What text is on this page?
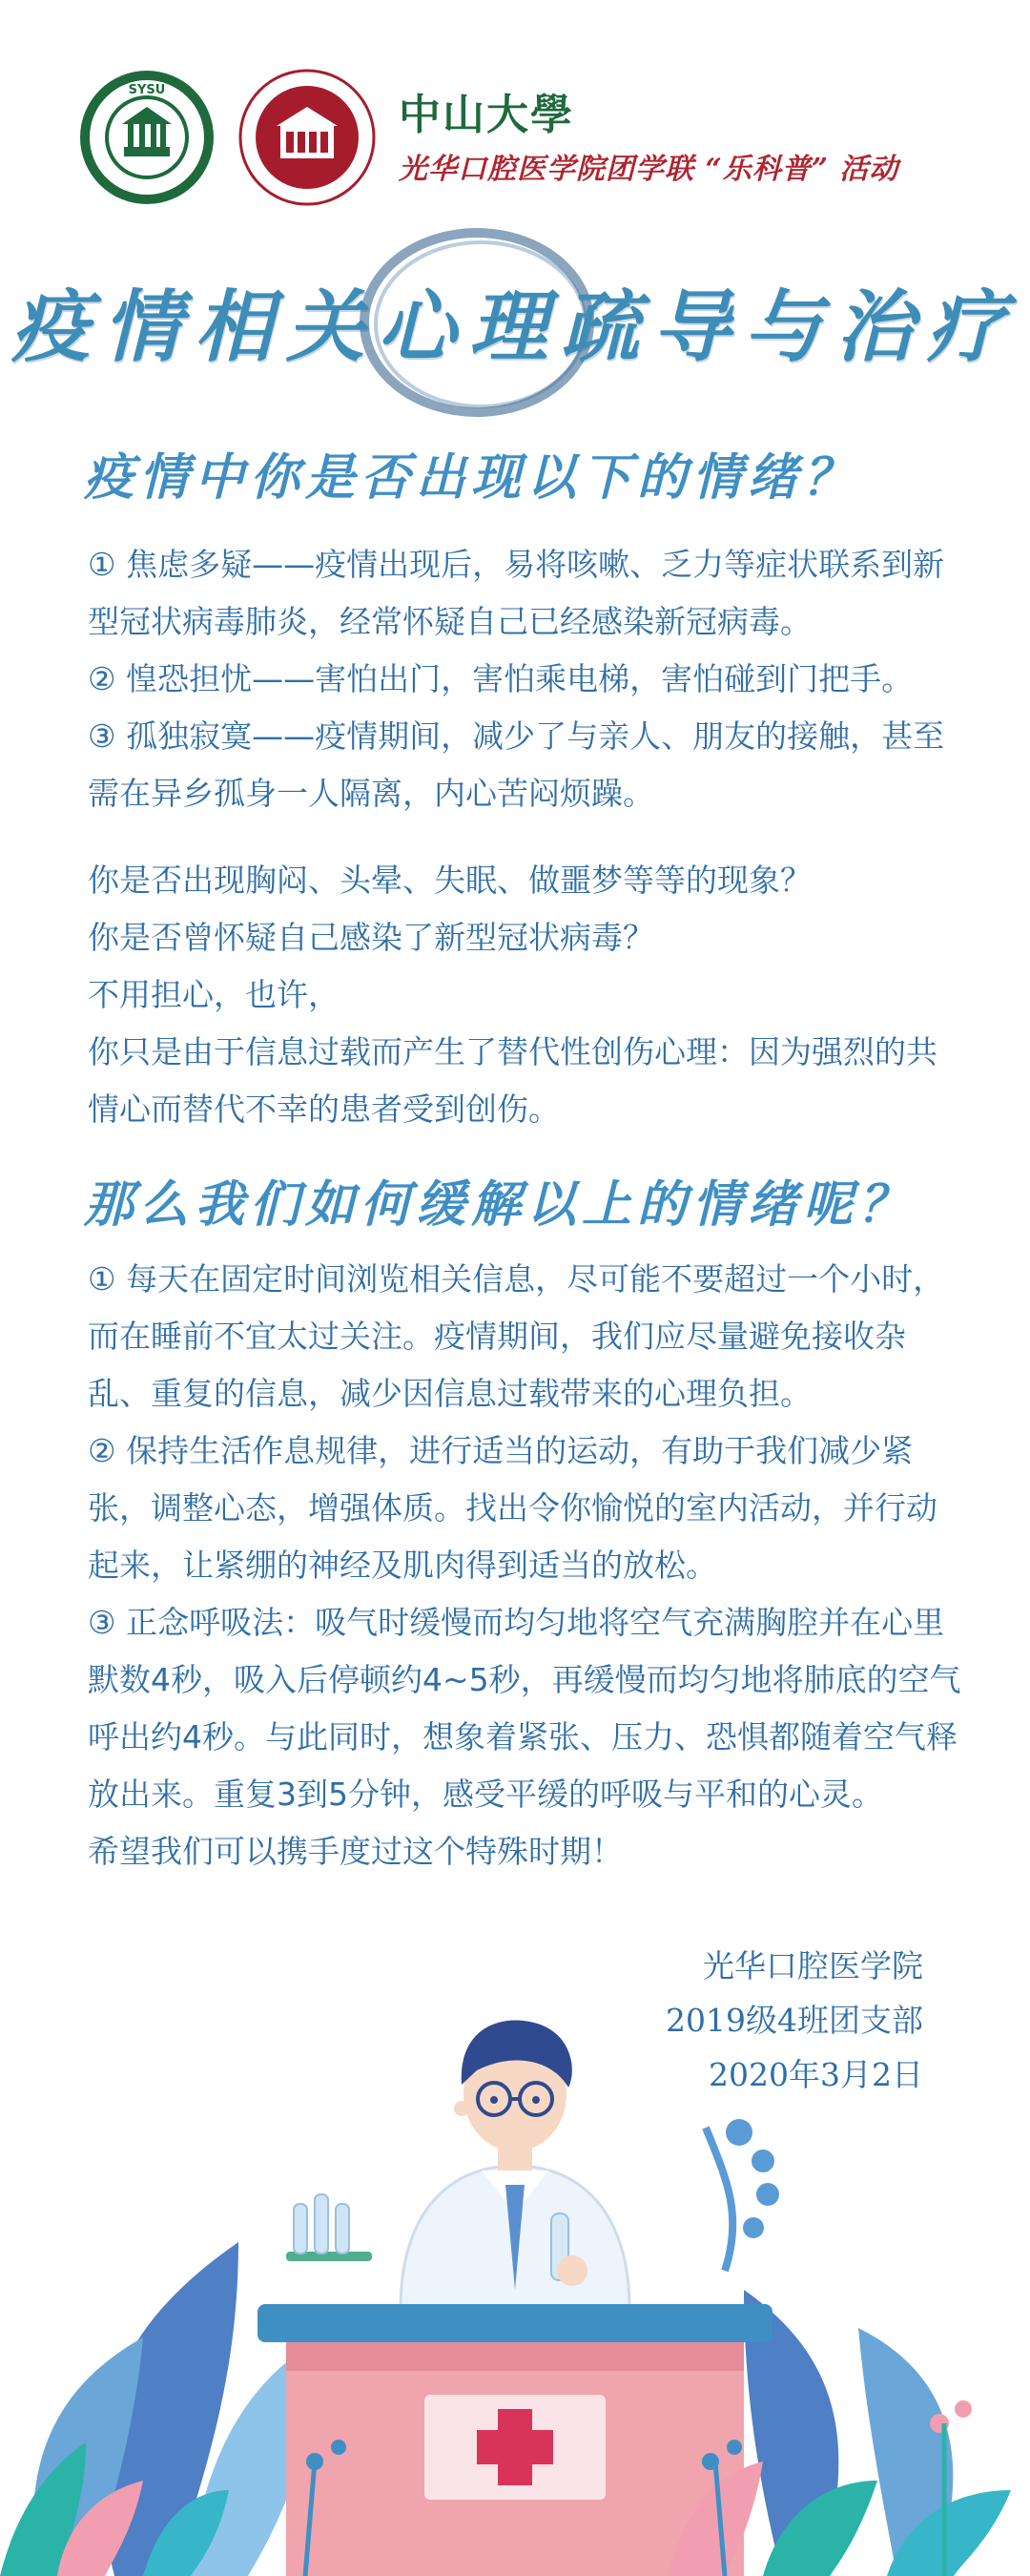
SYSU
中山大學
光华口腔医学院团学联 “乐科普” 活动
疫情相关心理疏导与治疗
疫情中你是否出现以下的情绪？

① 焦虑多疑——疫情出现后，易将咳嗽、乏力等症状联系到新型冠状病毒肺炎，经常怀疑自己已经感染新冠病毒。

② 惶恐担忧——害怕出门，害怕乘电梯，害怕碰到门把手。

③ 孤独寂寞——疫情期间，减少了与亲人、朋友的接触，甚至需在异乡孤身一人隔离，内心苦闷烦躁。

你是否出现胸闷、头晕、失眠、做噩梦等等的现象？

你是否曾怀疑自己感染了新型冠状病毒？

不用担心，也许，

你只是由于信息过载而产生了替代性创伤心理：因为强烈的共情心而替代不幸的患者受到创伤。

那么我们如何缓解以上的情绪呢？

① 每天在固定时间浏览相关信息，尽可能不要超过一个小时，而在睡前不宜太过关注。疫情期间，我们应尽量避免接收杂乱、重复的信息，减少因信息过载带来的心理负担。

② 保持生活作息规律，进行适当的运动，有助于我们减少紧张，调整心态，增强体质。找出令你愉悦的室内活动，并行动起来，让紧绷的神经及肌肉得到适当的放松。

③ 正念呼吸法：吸气时缓慢而均匀地将空气充满胸腔并在心里默数4秒，吸入后停顿约4~5秒，再缓慢而均匀地将肺底的空气呼出约4秒。与此同时，想象着紧张、压力、恐惧都随着空气释放出来。重复3到5分钟，感受平缓的呼吸与平和的心灵。

希望我们可以携手度过这个特殊时期！

光华口腔医学院
2019级4班团支部
2020年3月2日
